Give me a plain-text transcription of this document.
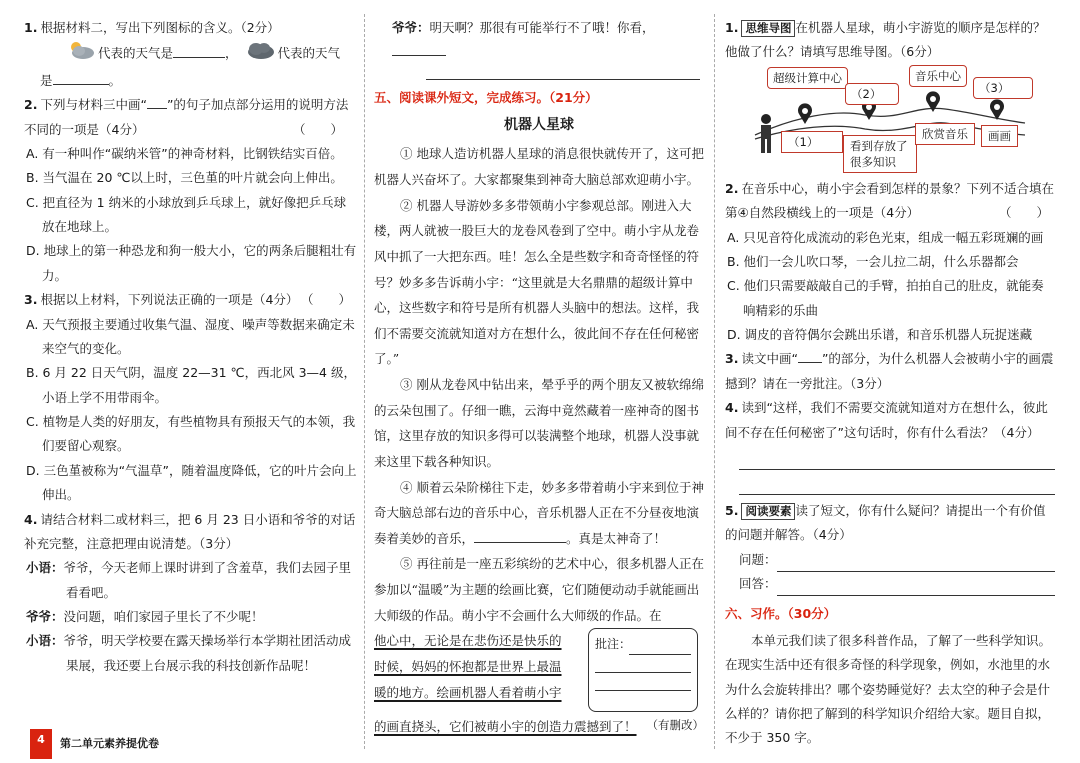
1. 根据材料二，写出下列图标的含义。（2分）

代表的天气是	，	代表的天气

是	。

2. 下列与材料三中画“ ”的句子加点部分运用的说明方法不同的一项是（4分）	（　　）

A. 有一种叫作“碳纳米管”的神奇材料，比钢铁结实百倍。

B. 当气温在 20 ℃以上时，三色堇的叶片就会向上伸出。

C. 把直径为 1 纳米的小球放到乒乓球上，就好像把乒乓球放在地球上。

D. 地球上的第一种恐龙和狗一般大小，它的两条后腿粗壮有力。

3. 根据以上材料，下列说法正确的一项是（4分） （　　）

A. 天气预报主要通过收集气温、湿度、噪声等数据来确定未来空气的变化。

B. 6 月 22 日天气阴，温度 22—31 ℃，西北风 3—4 级，小语上学不用带雨伞。

C. 植物是人类的好朋友，有些植物具有预报天气的本领，我们要留心观察。

D. 三色堇被称为“气温草”，随着温度降低，它的叶片会向上伸出。

4. 请结合材料二或材料三，把 6 月 23 日小语和爷爷的对话补充完整，注意把理由说清楚。（3分）

小语：爷爷，今天老师上课时讲到了含羞草，我们去园子里看看吧。

爷爷：没问题，咱们家园子里长了不少呢！

小语：爷爷，明天学校要在露天操场举行本学期社团活动成果展，我还要上台展示我的科技创新作品呢！

爷爷：明天啊？那很有可能举行不了哦！你看，

五、阅读课外短文，完成练习。（21分）

机器人星球

① 地球人造访机器人星球的消息很快就传开了，这可把机器人兴奋坏了。大家都聚集到神奇大脑总部欢迎萌小宇。

② 机器人导游妙多多带领萌小宇参观总部。刚进入大楼，两人就被一股巨大的龙卷风卷到了空中。萌小宇从龙卷风中抓了一大把东西。哇！怎么全是些数字和奇奇怪怪的符号？妙多多告诉萌小宇：“这里就是大名鼎鼎的超级计算中心，这些数字和符号是所有机器人头脑中的想法。这样，我们不需要交流就知道对方在想什么，彼此间不存在任何秘密了。”

③ 刚从龙卷风中钻出来，晕乎乎的两个朋友又被软绵绵的云朵包围了。仔细一瞧，云海中竟然藏着一座神奇的图书馆，这里存放的知识多得可以装满整个地球，机器人没事就来这里下载各种知识。

④ 顺着云朵阶梯往下走，妙多多带着萌小宇来到位于神奇大脑总部右边的音乐中心，音乐机器人正在不分昼夜地演奏着美妙的音乐，	。真是太神奇了！

⑤ 再往前是一座五彩缤纷的艺术中心，很多机器人正在参加以“温暖”为主题的绘画比赛，它们随便动动手就能画出大师级的作品。萌小宇不会画什么大师级的作品。在

他心中，无论是在悲伤还是快乐的
时候，妈妈的怀抱都是世界上最温
暖的地方。绘画机器人看着萌小宇
批注：
的画直挠头，它们被萌小宇的创造力震撼到了！ （有删改）

1. 思维导图 在机器人星球，萌小宇游览的顺序是怎样的？他做了什么？请填写思维导图。（6分）

超级计算中心
（2）
音乐中心
（3）
（1）	看到存放了很多知识
欣赏音乐	画画

2. 在音乐中心，萌小宇会看到怎样的景象？下列不适合填在第④自然段横线上的一项是（4分）	（　　）

A. 只见音符化成流动的彩色光束，组成一幅五彩斑斓的画

B. 他们一会儿吹口琴，一会儿拉二胡，什么乐器都会

C. 他们只需要敲敲自己的手臂，拍拍自己的肚皮，就能奏响精彩的乐曲

D. 调皮的音符偶尔会跳出乐谱，和音乐机器人玩捉迷藏

3. 读文中画“ ”的部分，为什么机器人会被萌小宇的画震撼到？请在一旁批注。（3分）

4. 读到“这样，我们不需要交流就知道对方在想什么，彼此间不存在任何秘密了”这句话时，你有什么看法？（4分）

5. 阅读要素 读了短文，你有什么疑问？请提出一个有价值的问题并解答。（4分）

问题：

回答：

六、习作。（30分）

本单元我们读了很多科普作品，了解了一些科学知识。在现实生活中还有很多奇怪的科学现象，例如，水池里的水为什么会旋转排出？哪个姿势睡觉好？去太空的种子会是什么样的？请你把了解到的科学知识介绍给大家。题目自拟，不少于 350 字。

4	第二单元素养提优卷
